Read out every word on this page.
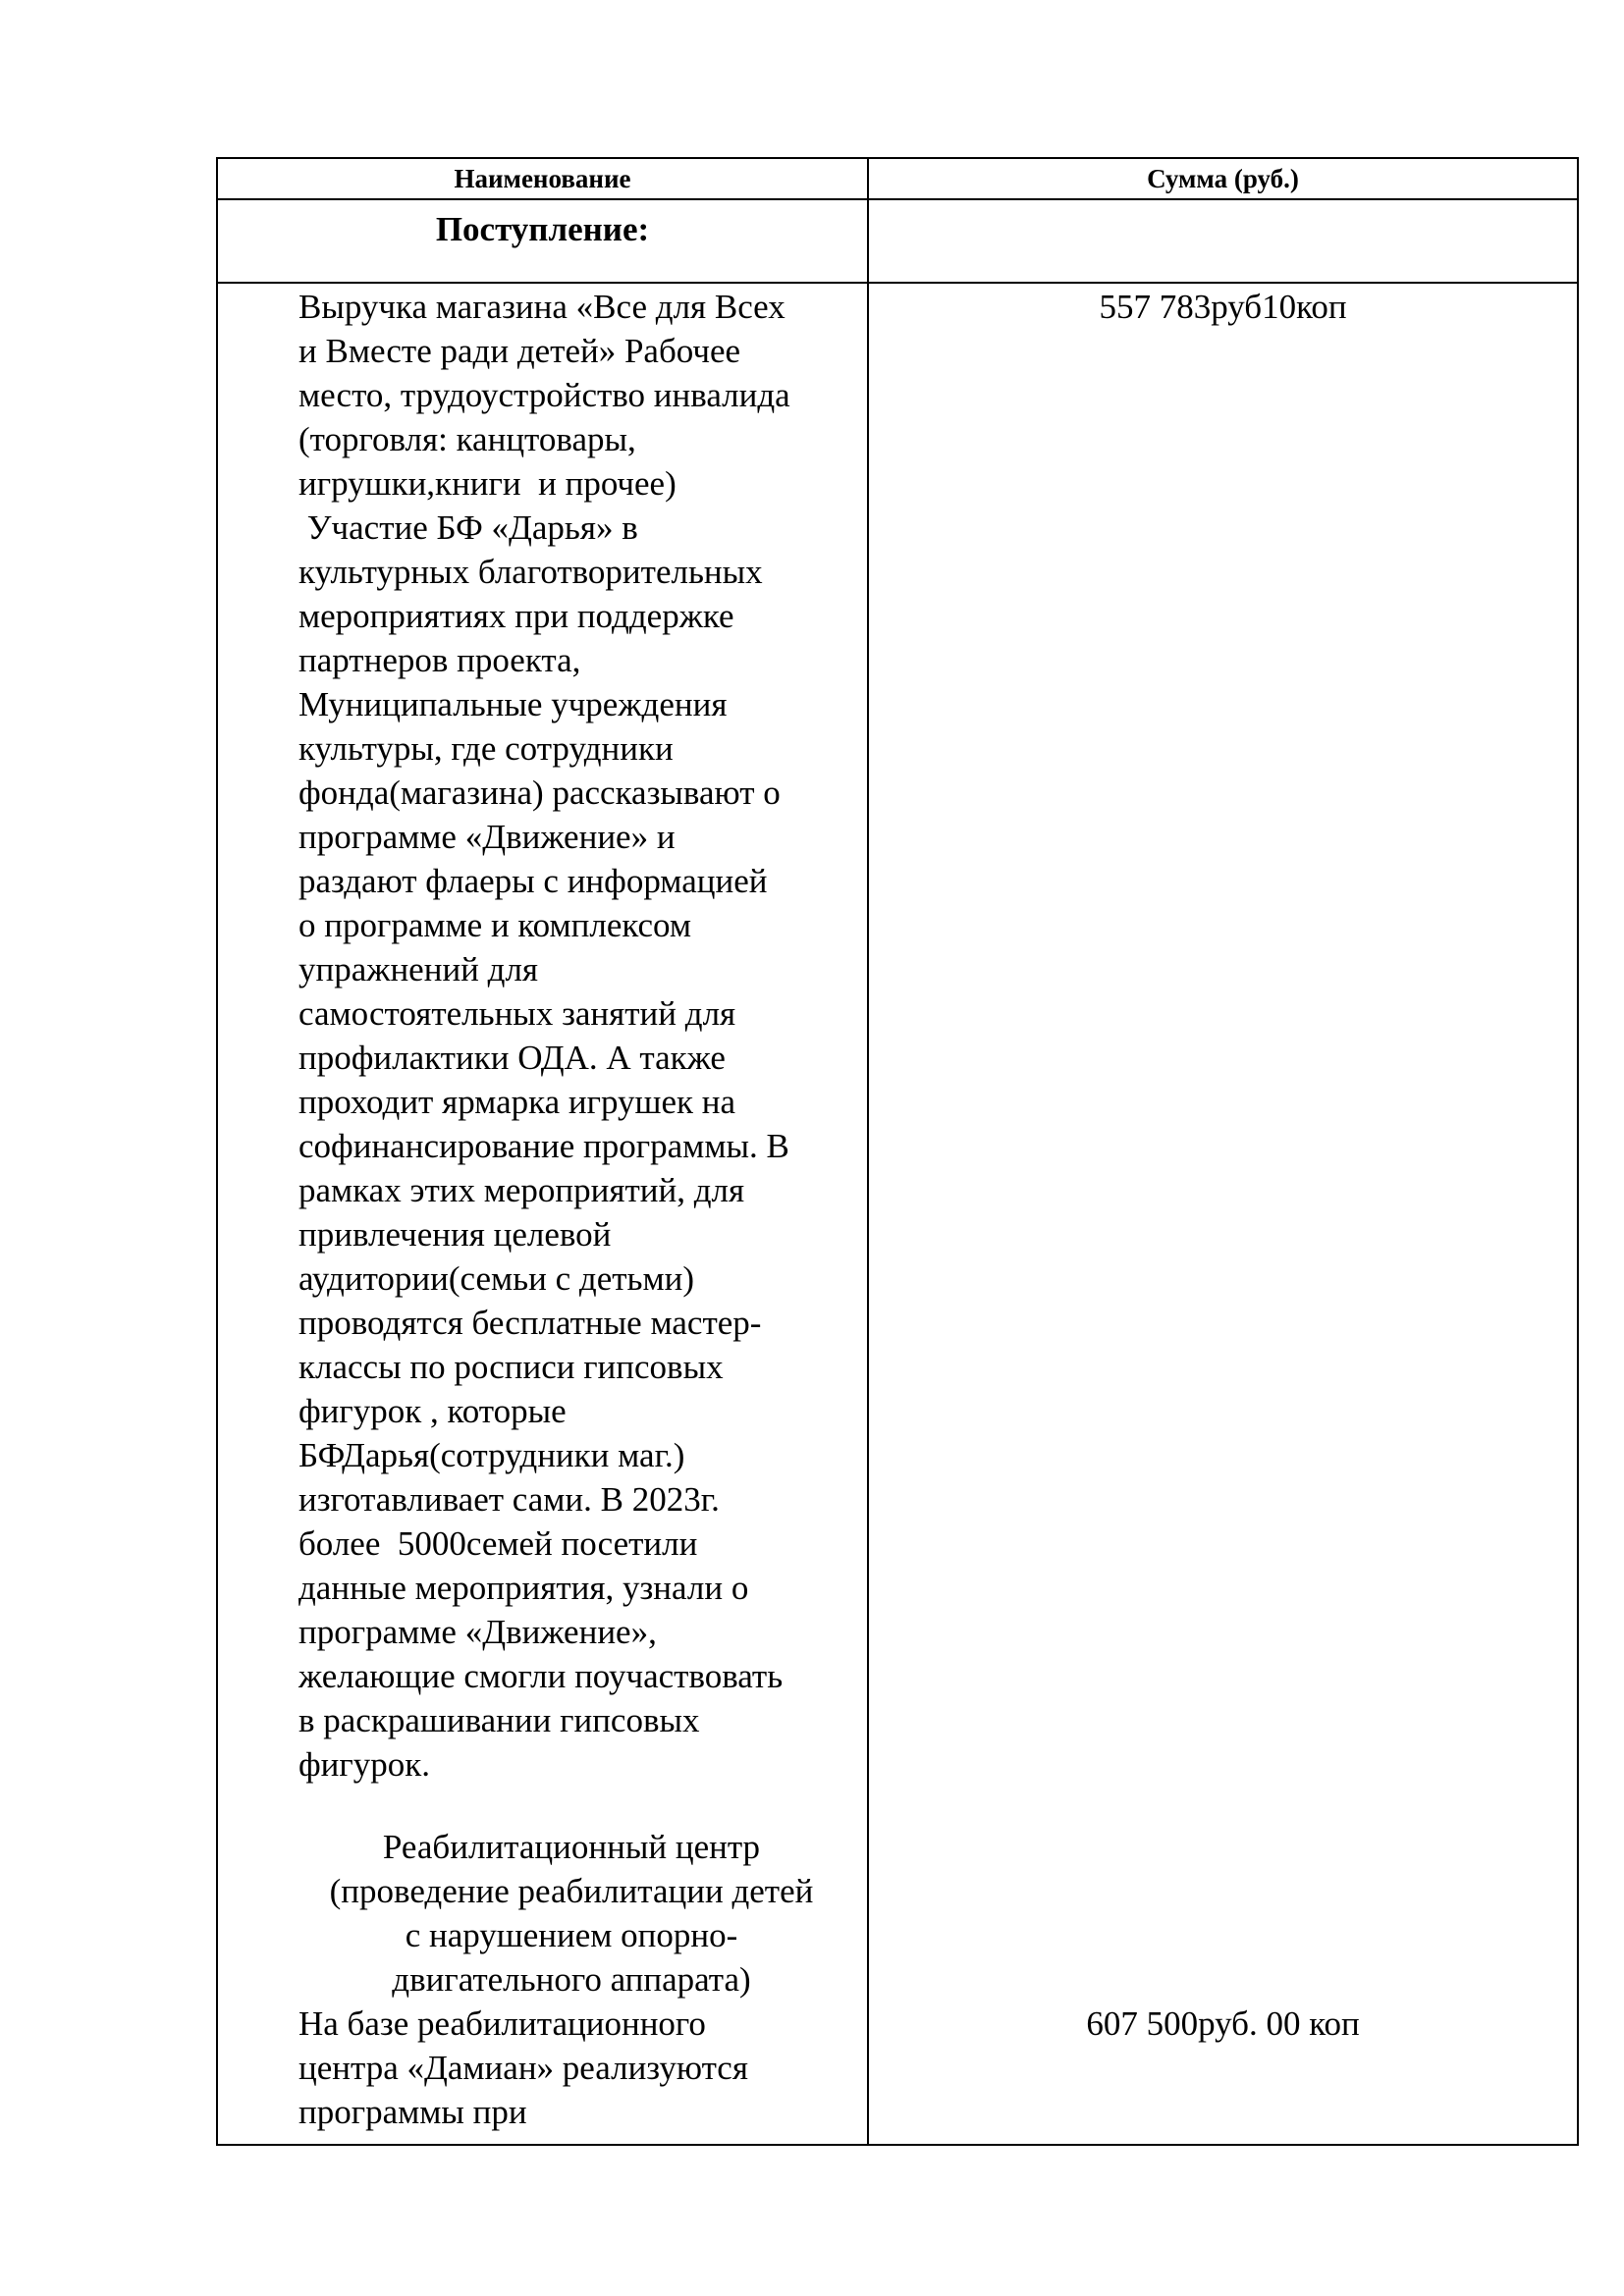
Наименование	Сумма (руб.)
Поступление:
Выручка магазина «Все для Всех
и Вместе ради детей» Рабочее
место, трудоустройство инвалида
(торговля: канцтовары,
игрушки,книги  и прочее)
Участие БФ «Дарья» в
культурных благотворительных
мероприятиях при поддержке
партнеров проекта,
Муниципальные учреждения
культуры, где сотрудники
фонда(магазина) рассказывают о
программе «Движение» и
раздают флаеры с информацией
о программе и комплексом
упражнений для
самостоятельных занятий для
профилактики ОДА. А также
проходит ярмарка игрушек на
софинансирование программы. В
рамках этих мероприятий, для
привлечения целевой
аудитории(семьи с детьми)
проводятся бесплатные мастер-
классы по росписи гипсовых
фигурок , которые
БФДарья(сотрудники маг.)
изготавливает сами. В 2023г.
более  5000семей посетили
данные мероприятия, узнали о
программе «Движение»,
желающие смогли поучаствовать
в раскрашивании гипсовых
фигурок.
557 783руб10коп
Реабилитационный центр
(проведение реабилитации детей
с нарушением опорно-
двигательного аппарата)
На базе реабилитационного
центра «Дамиан» реализуются
программы при
607 500руб. 00 коп
